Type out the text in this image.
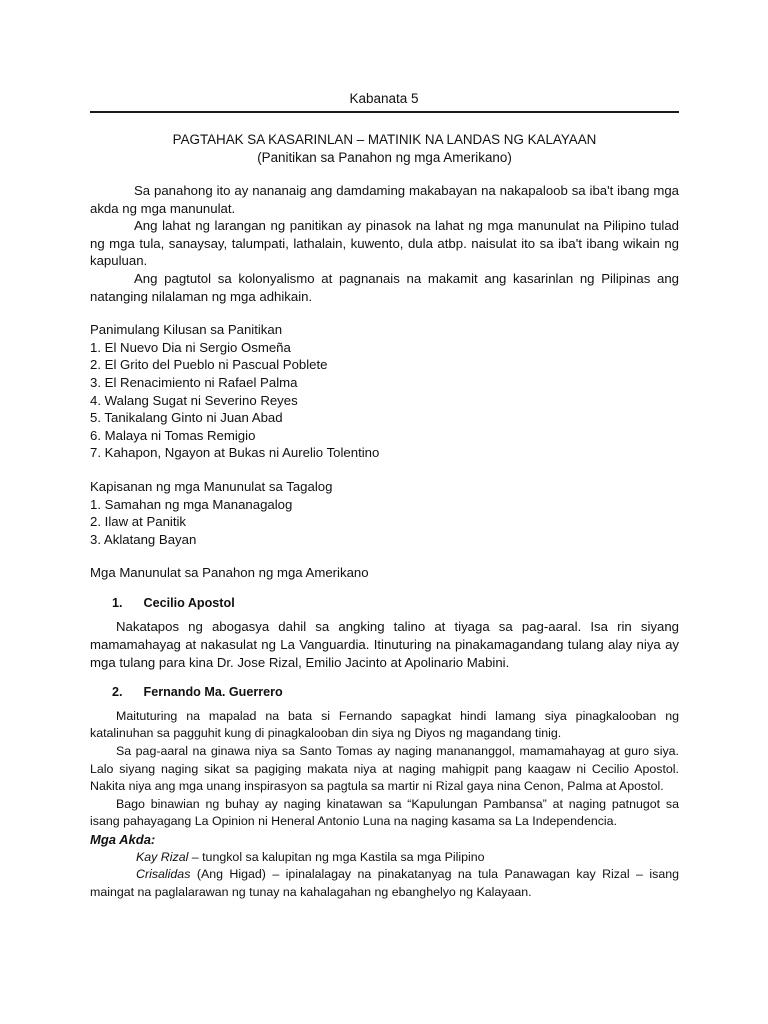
Kabanata 5
PAGTAHAK SA KASARINLAN – MATINIK NA LANDAS NG KALAYAAN
(Panitikan sa Panahon ng mga Amerikano)

Sa panahong ito ay nananaig ang damdaming makabayan na nakapaloob sa iba't ibang mga akda ng mga manunulat.

Ang lahat ng larangan ng panitikan ay pinasok na lahat ng mga manunulat na Pilipino tulad ng mga tula, sanaysay, talumpati, lathalain, kuwento, dula atbp. naisulat ito sa iba't ibang wikain ng kapuluan.

Ang pagtutol sa kolonyalismo at pagnanais na makamit ang kasarinlan ng Pilipinas ang natanging nilalaman ng mga adhikain.

Panimulang Kilusan sa Panitikan
1. El Nuevo Dia ni Sergio Osmeña
2. El Grito del Pueblo ni Pascual Poblete
3. El Renacimiento ni Rafael Palma
4. Walang Sugat ni Severino Reyes
5. Tanikalang Ginto ni Juan Abad
6. Malaya ni Tomas Remigio
7. Kahapon, Ngayon at Bukas ni Aurelio Tolentino
Kapisanan ng mga Manunulat sa Tagalog
1. Samahan ng mga Mananagalog
2. Ilaw at Panitik
3. Aklatang Bayan
Mga Manunulat sa Panahon ng mga Amerikano
1.      Cecilio Apostol

Nakatapos ng abogasya dahil sa angking talino at tiyaga sa pag-aaral. Isa rin siyang mamamahayag at nakasulat ng La Vanguardia. Itinuturing na pinakamagandang tulang alay niya ay mga tulang para kina Dr. Jose Rizal, Emilio Jacinto at Apolinario Mabini.

2.      Fernando Ma. Guerrero

Maituturing na mapalad na bata si Fernando sapagkat hindi lamang siya pinagkalooban ng katalinuhan sa pagguhit kung di pinagkalooban din siya ng Diyos ng magandang tinig.

Sa pag-aaral na ginawa niya sa Santo Tomas ay naging manananggol, mamamahayag at guro siya. Lalo siyang naging sikat sa pagiging makata niya at naging mahigpit pang kaagaw ni Cecilio Apostol. Nakita niya ang mga unang inspirasyon sa pagtula sa martir ni Rizal gaya nina Cenon, Palma at Apostol.

Bago binawian ng buhay ay naging kinatawan sa “Kapulungan Pambansa” at naging patnugot sa isang pahayagang La Opinion ni Heneral Antonio Luna na naging kasama sa La Independencia.

Mga Akda:

Kay Rizal – tungkol sa kalupitan ng mga Kastila sa mga Pilipino

Crisalidas (Ang Higad) – ipinalalagay na pinakatanyag na tula Panawagan kay Rizal – isang maingat na paglalarawan ng tunay na kahalagahan ng ebanghelyo ng Kalayaan.
